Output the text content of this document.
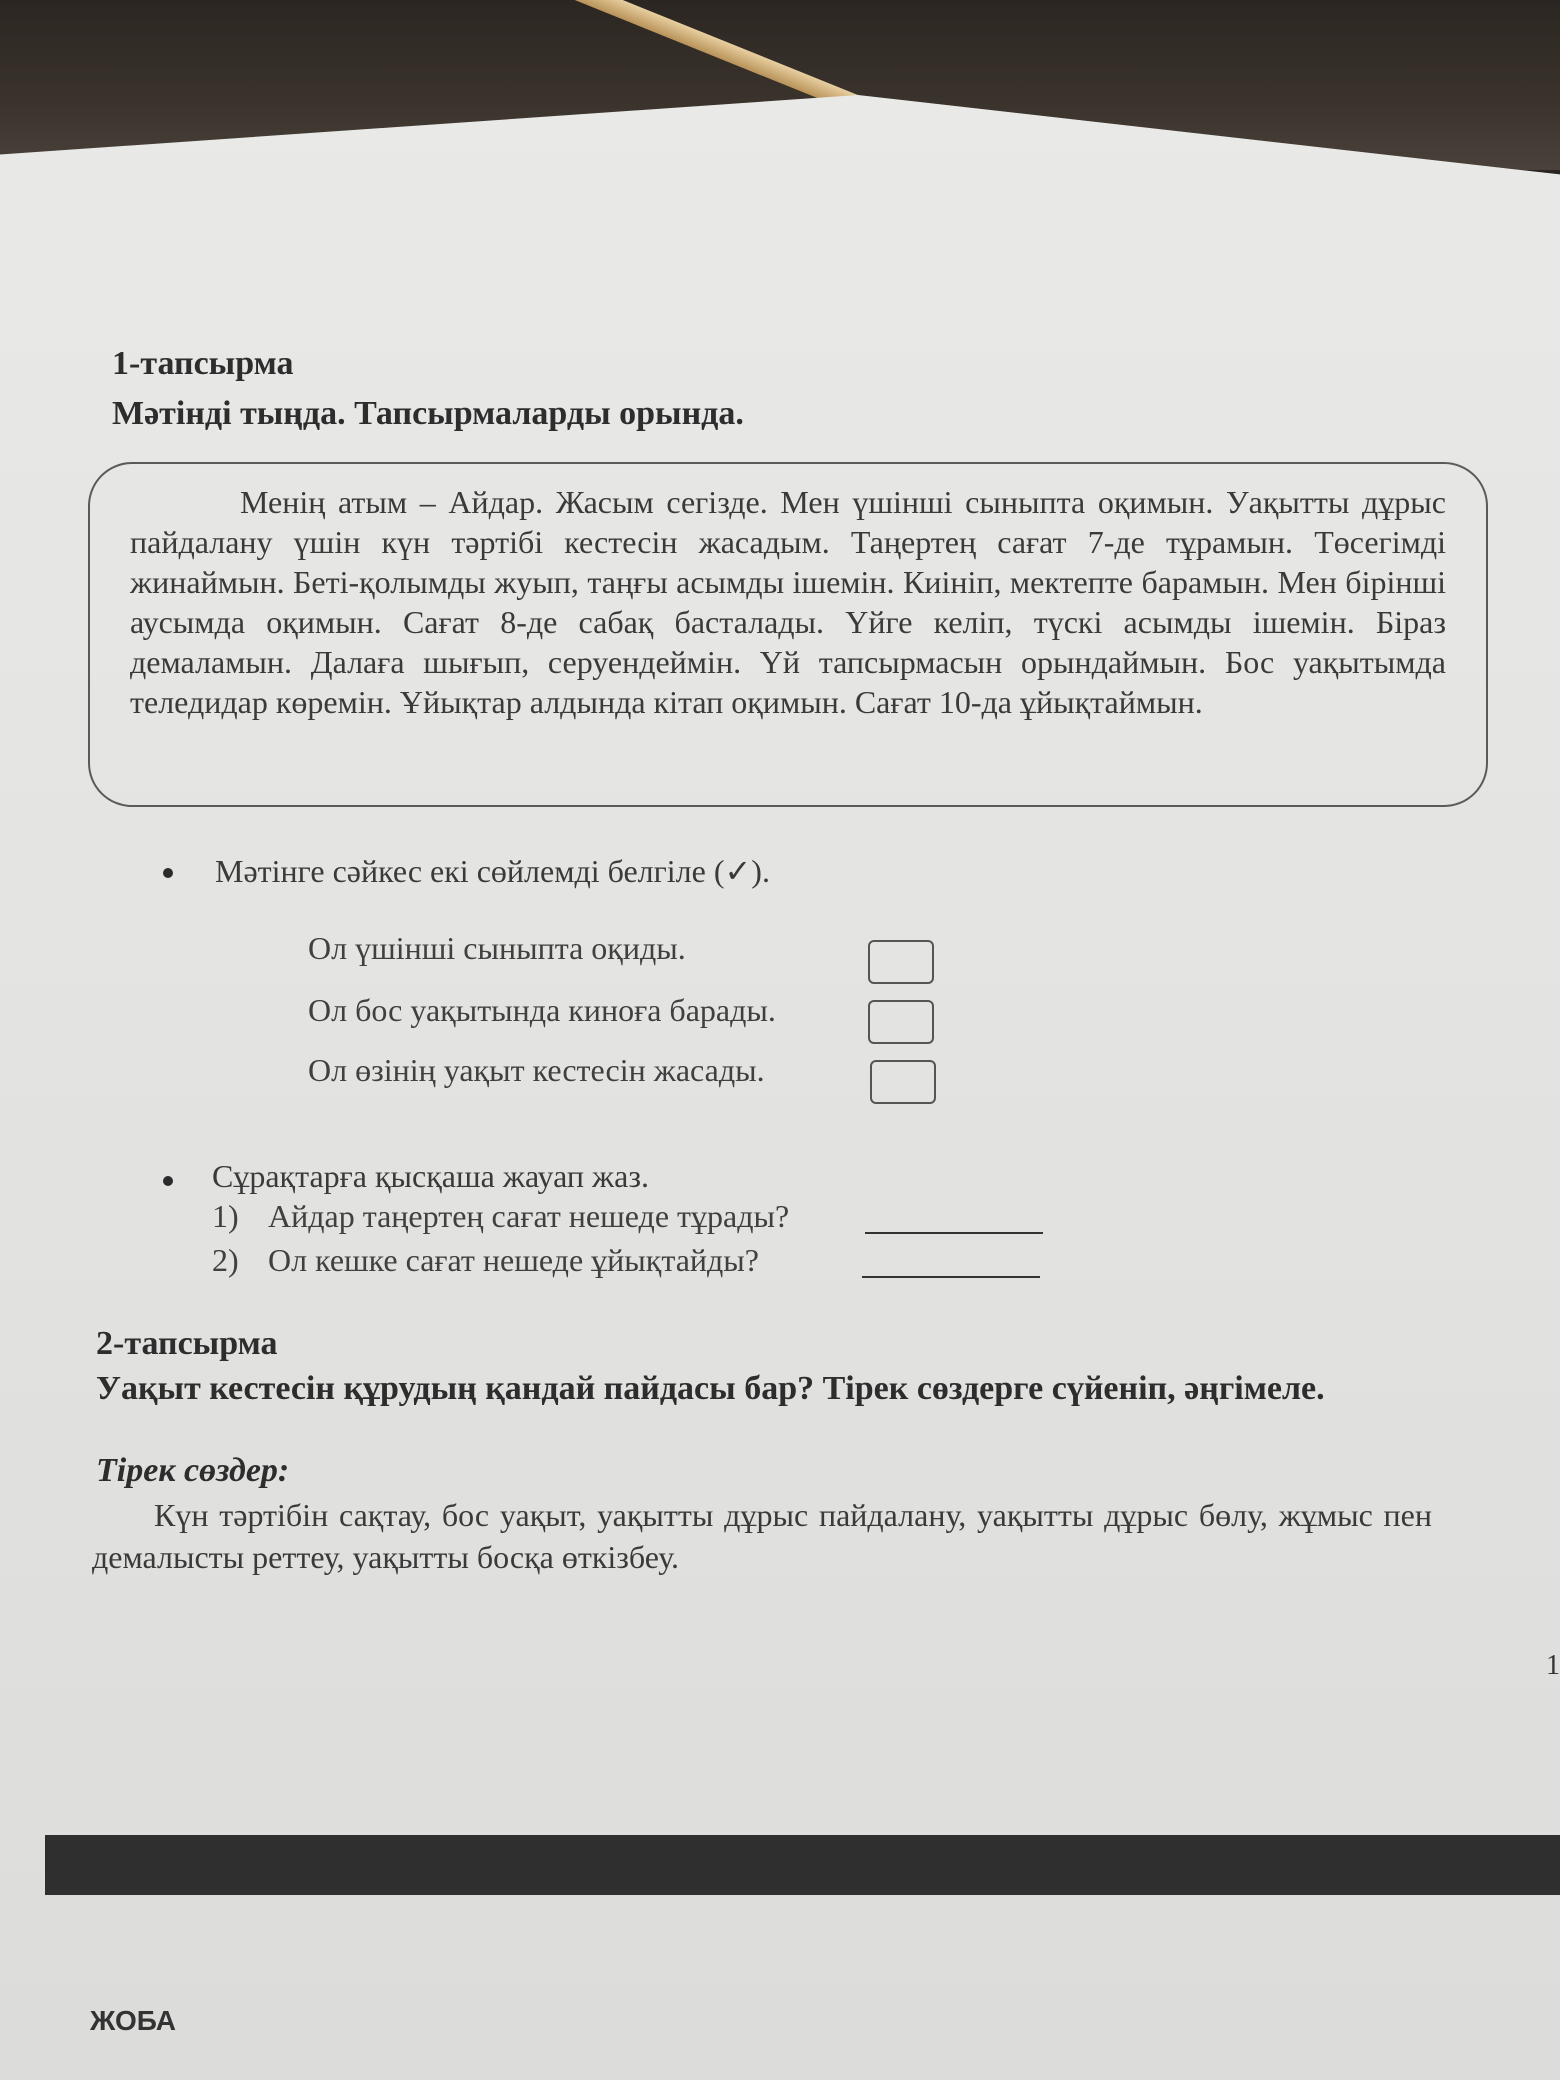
1-тапсырма
Мәтінді тыңда. Тапсырмаларды орында.

Менің атым – Айдар. Жасым сегізде. Мен үшінші сыныпта оқимын. Уақытты дұрыс пайдалану үшін күн тәртібі кестесін жасадым. Таңертең сағат 7-де тұрамын. Төсегімді жинаймын. Беті-қолымды жуып, таңғы асымды ішемін. Киініп, мектепте барамын. Мен бірінші аусымда оқимын. Сағат 8-де сабақ басталады. Үйге келіп, түскі асымды ішемін. Біраз демаламын. Далаға шығып, серуендеймін. Үй тапсырмасын орындаймын. Бос уақытымда теледидар көремін. Ұйықтар алдында кітап оқимын. Сағат 10-да ұйықтаймын.

Мәтінге сәйкес екі сөйлемді белгіле (✓).
Ол үшінші сыныпта оқиды.
Ол бос уақытында киноға барады.
Ол өзінің уақыт кестесін жасады.
Сұрақтарға қысқаша жауап жаз.
1) Айдар таңертең сағат нешеде тұрады?
2) Ол кешке сағат нешеде ұйықтайды?
2-тапсырма
Уақыт кестесін құрудың қандай пайдасы бар? Тірек сөздерге сүйеніп, әңгімеле.
Тірек сөздер:
Күн тәртібін сақтау, бос уақыт, уақытты дұрыс пайдалану, уақытты дұрыс бөлу, жұмыс пен демалысты реттеу, уақытты босқа өткізбеу.
1
ЖОБА
